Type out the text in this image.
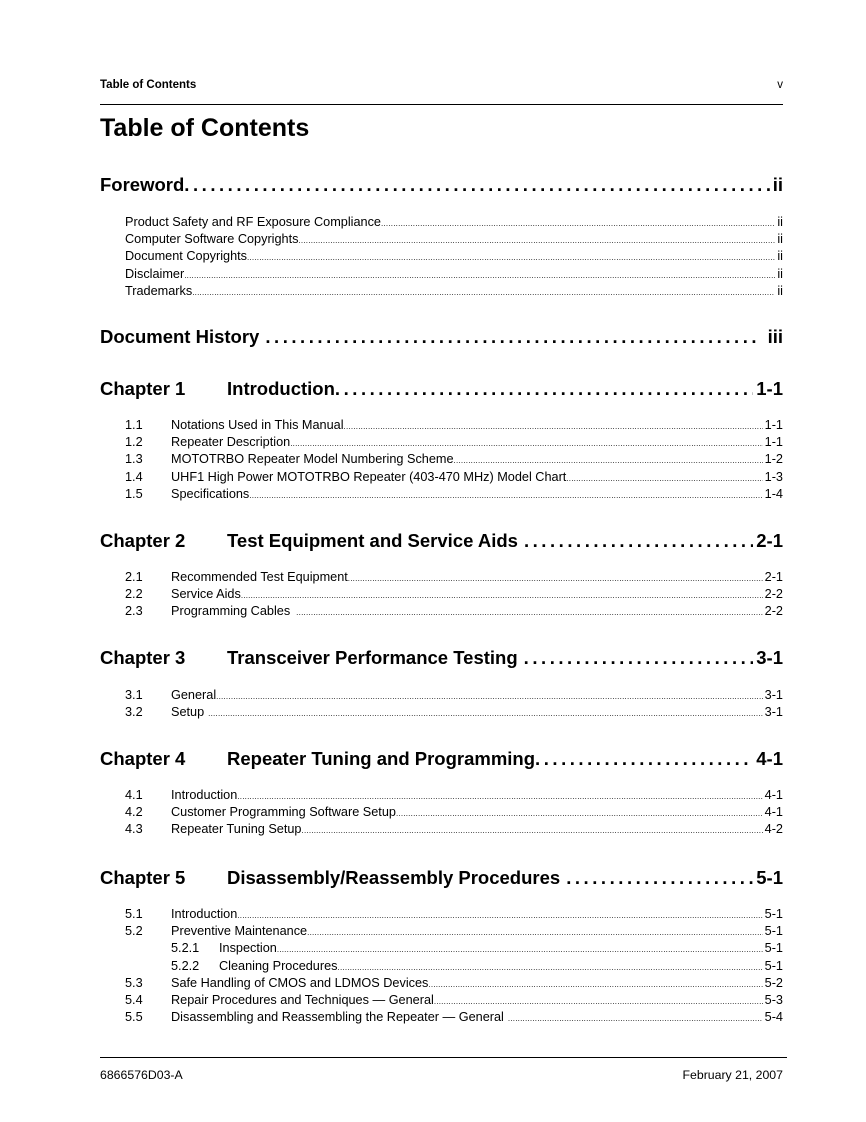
Table of Contents	v
Table of Contents
Foreword . . .	ii
Product Safety and RF Exposure Compliance . . .	ii
Computer Software Copyrights . . .	ii
Document Copyrights . . .	ii
Disclaimer . . .	ii
Trademarks . . .	ii
Document History . . .	iii
Chapter 1	Introduction . . .	1-1
1.1	Notations Used in This Manual . . .	1-1
1.2	Repeater Description . . .	1-1
1.3	MOTOTRBO Repeater Model Numbering Scheme . . .	1-2
1.4	UHF1 High Power MOTOTRBO Repeater (403-470 MHz) Model Chart . . .	1-3
1.5	Specifications . . .	1-4
Chapter 2	Test Equipment and Service Aids . . .	2-1
2.1	Recommended Test Equipment . . .	2-1
2.2	Service Aids . . .	2-2
2.3	Programming Cables . . .	2-2
Chapter 3	Transceiver Performance Testing . . .	3-1
3.1	General . . .	3-1
3.2	Setup . . .	3-1
Chapter 4	Repeater Tuning and Programming . . .	4-1
4.1	Introduction . . .	4-1
4.2	Customer Programming Software Setup . . .	4-1
4.3	Repeater Tuning Setup . . .	4-2
Chapter 5	Disassembly/Reassembly Procedures . . .	5-1
5.1	Introduction . . .	5-1
5.2	Preventive Maintenance . . .	5-1
5.2.1	Inspection . . .	5-1
5.2.2	Cleaning Procedures . . .	5-1
5.3	Safe Handling of CMOS and LDMOS Devices . . .	5-2
5.4	Repair Procedures and Techniques — General . . .	5-3
5.5	Disassembling and Reassembling the Repeater — General . . .	5-4
6866576D03-A	February 21, 2007
